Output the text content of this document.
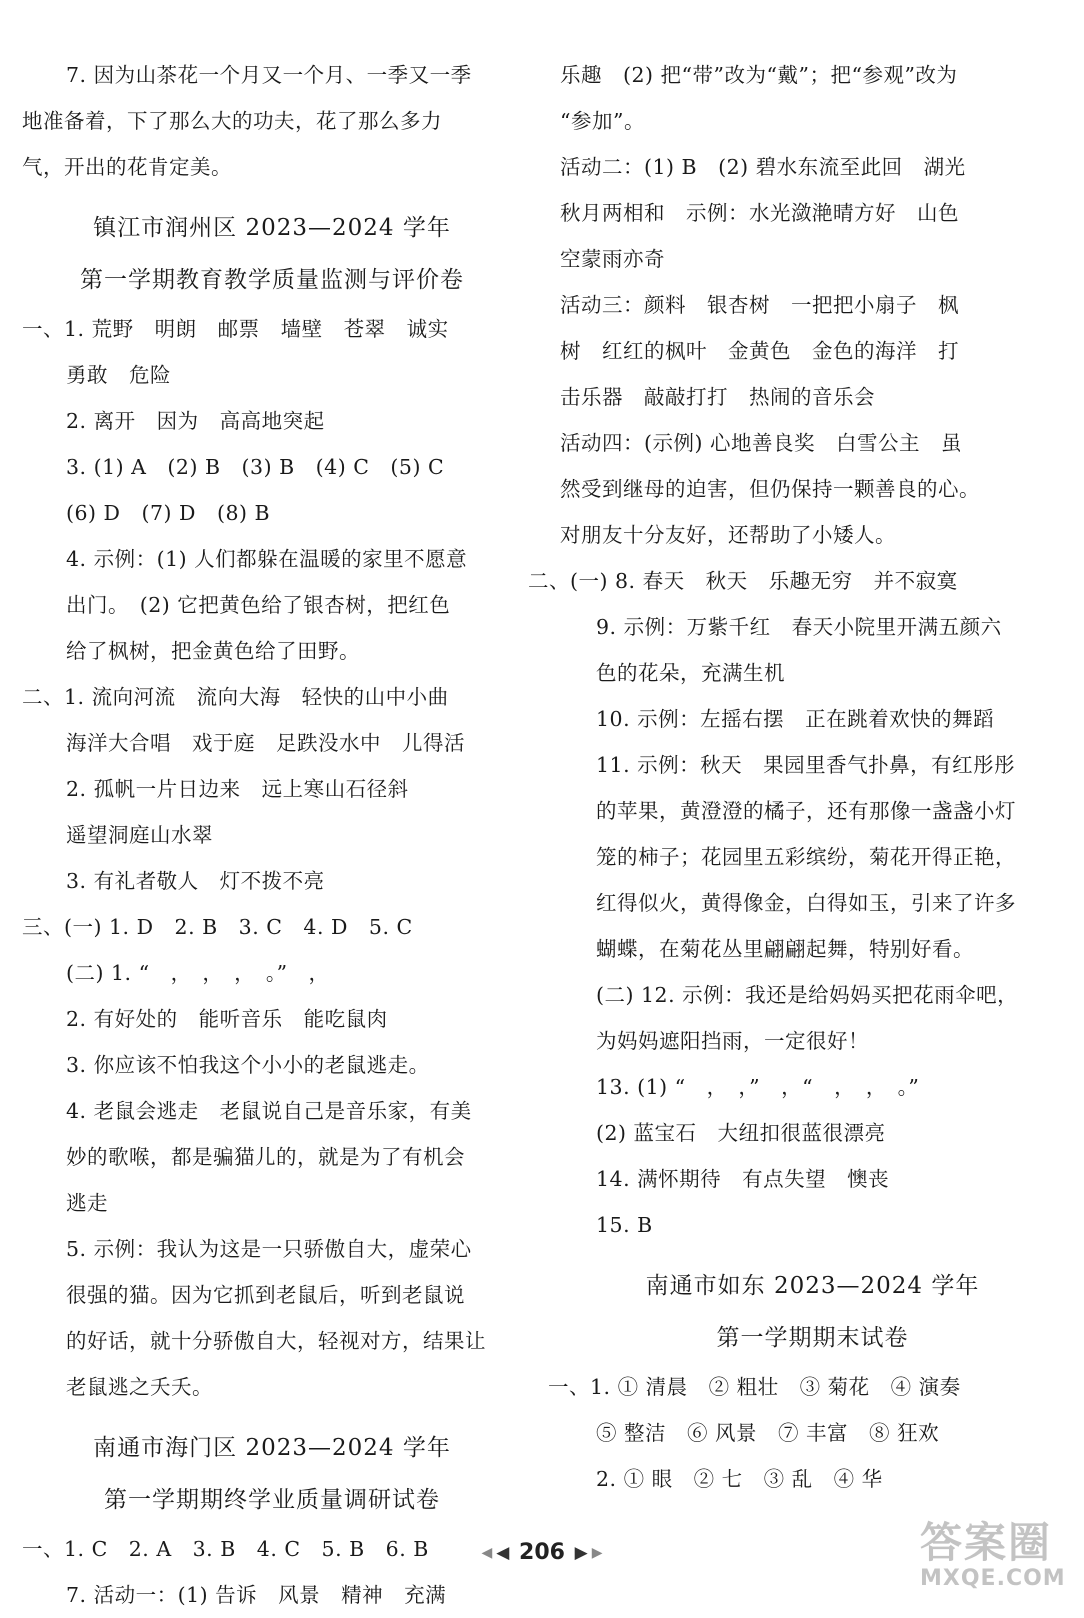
7. 因为山茶花一个月又一个月、一季又一季
地准备着，下了那么大的功夫，花了那么多力
气，开出的花肯定美。
镇江市润州区 2023—2024 学年
第一学期教育教学质量监测与评价卷
一、1. 荒野　明朗　邮票　墙壁　苍翠　诚实
勇敢　危险
2. 离开　因为　高高地突起
3. (1) A　(2) B　(3) B　(4) C　(5) C
(6) D　(7) D　(8) B
4. 示例：(1) 人们都躲在温暖的家里不愿意
出门。　(2) 它把黄色给了银杏树，把红色
给了枫树，把金黄色给了田野。
二、1. 流向河流　流向大海　轻快的山中小曲
海洋大合唱　戏于庭　足跌没水中　儿得活
2. 孤帆一片日边来　远上寒山石径斜
遥望洞庭山水翠
3. 有礼者敬人　灯不拨不亮
三、(一) 1. D　2. B　3. C　4. D　5. C
(二) 1. “　，　，　，　。”　，
2. 有好处的　能听音乐　能吃鼠肉
3. 你应该不怕我这个小小的老鼠逃走。
4. 老鼠会逃走　老鼠说自己是音乐家，有美
妙的歌喉，都是骗猫儿的，就是为了有机会
逃走
5. 示例：我认为这是一只骄傲自大，虚荣心
很强的猫。因为它抓到老鼠后，听到老鼠说
的好话，就十分骄傲自大，轻视对方，结果让
老鼠逃之夭夭。
南通市海门区 2023—2024 学年
第一学期期终学业质量调研试卷
一、1. C　2. A　3. B　4. C　5. B　6. B
7. 活动一：(1) 告诉　风景　精神　充满
乐趣　(2) 把“带”改为“戴”；把“参观”改为
“参加”。
活动二：(1) B　(2) 碧水东流至此回　湖光
秋月两相和　示例：水光潋滟晴方好　山色
空蒙雨亦奇
活动三：颜料　银杏树　一把把小扇子　枫
树　红红的枫叶　金黄色　金色的海洋　打
击乐器　敲敲打打　热闹的音乐会
活动四：(示例) 心地善良奖　白雪公主　虽
然受到继母的迫害，但仍保持一颗善良的心。
对朋友十分友好，还帮助了小矮人。
二、(一) 8. 春天　秋天　乐趣无穷　并不寂寞
9. 示例：万紫千红　春天小院里开满五颜六
色的花朵，充满生机
10. 示例：左摇右摆　正在跳着欢快的舞蹈
11. 示例：秋天　果园里香气扑鼻，有红彤彤
的苹果，黄澄澄的橘子，还有那像一盏盏小灯
笼的柿子；花园里五彩缤纷，菊花开得正艳，
红得似火，黄得像金，白得如玉，引来了许多
蝴蝶，在菊花丛里翩翩起舞，特别好看。
(二) 12. 示例：我还是给妈妈买把花雨伞吧，
为妈妈遮阳挡雨，一定很好！
13. (1) “　，　，”　，“　，　，　。”
(2) 蓝宝石　大纽扣很蓝很漂亮
14. 满怀期待　有点失望　懊丧
15. B
南通市如东 2023—2024 学年
第一学期期末试卷
一、1. ① 清晨　② 粗壮　③ 菊花　④ 演奏
⑤ 整洁　⑥ 风景　⑦ 丰富　⑧ 狂欢
2. ① 眼　② 七　③ 乱　④ 华
◀ ◀ 206 ▶ ▶	答案圈
MXQE.COM
